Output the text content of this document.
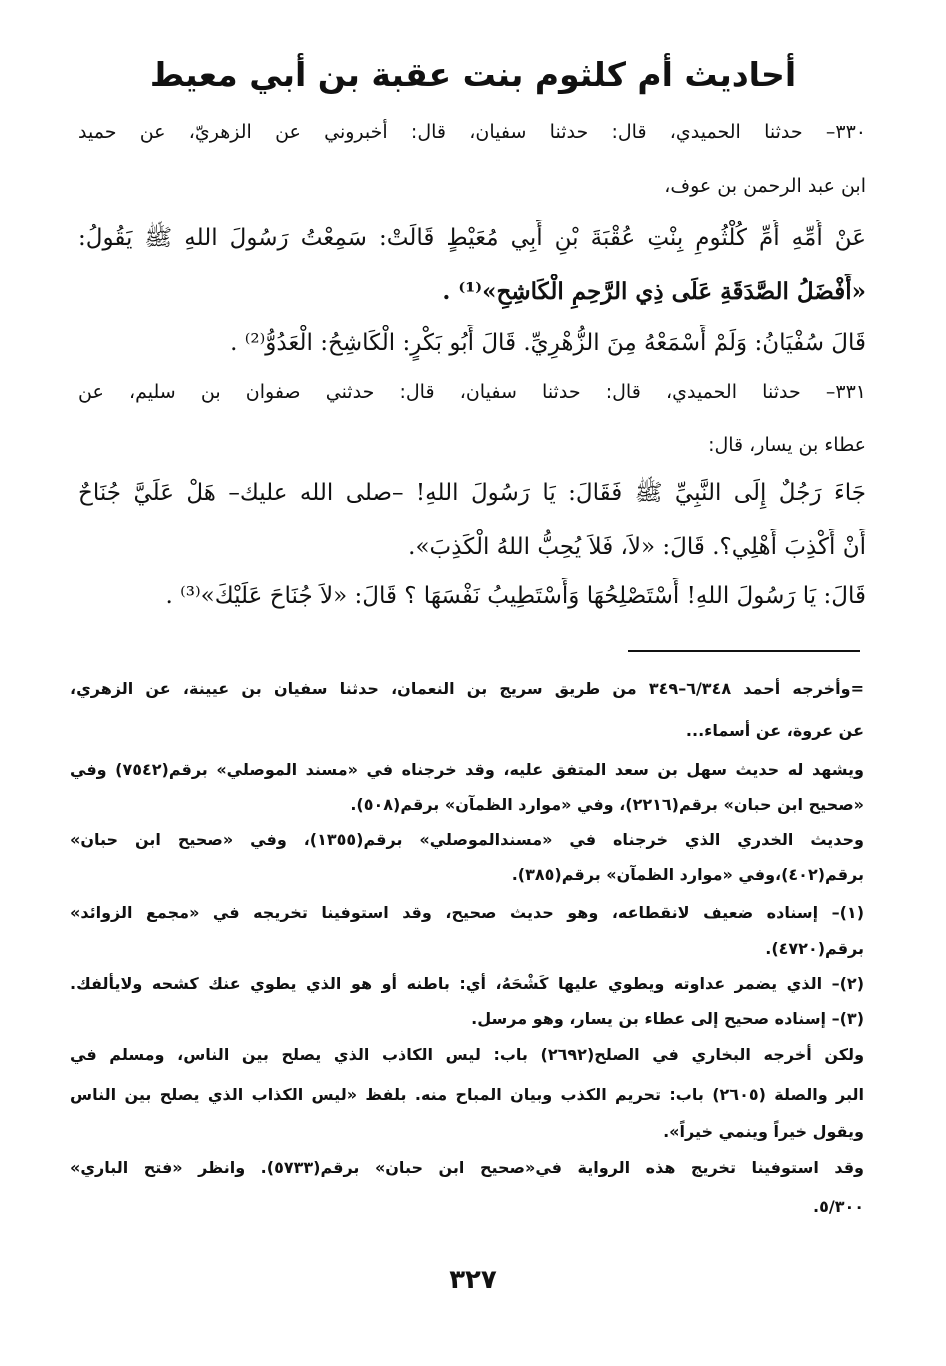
أحاديث أم كلثوم بنت عقبة بن أبي معيط
٣٣٠– حدثنا الحميدي، قال: حدثنا سفيان، قال: أخبروني عن الزهريّ، عن حميد
ابن عبد الرحمن بن عوف،
عَنْ أُمِّهِ أُمِّ كُلْثُومِ بِنْتِ عُقْبَةَ بْنِ أَبِي مُعَيْطٍ قَالَتْ: سَمِعْتُ رَسُولَ اللهِ ﷺ يَقُولُ:
«أَفْضَلُ الصَّدَقَةِ عَلَى ذِي الرَّحِمِ الْكَاشِحِ»⁽¹⁾ .
قَالَ سُفْيَانُ: وَلَمْ أَسْمَعْهُ مِنَ الزُّهْرِيِّ. قَالَ أَبُو بَكْرٍ: الْكَاشِحُ: الْعَدُوُّ⁽²⁾ .
٣٣١– حدثنا الحميدي، قال: حدثنا سفيان، قال: حدثني صفوان بن سليم، عن
عطاء بن يسار، قال:
جَاءَ رَجُلٌ إِلَى النَّبِيِّ ﷺ فَقَالَ: يَا رَسُولَ اللهِ! –صلى الله عليك– هَلْ عَلَيَّ جُنَاحٌ
أَنْ أَكْذِبَ أَهْلِي؟. قَالَ: «لاَ، فَلاَ يُحِبُّ اللهُ الْكَذِبَ».
قَالَ: يَا رَسُولَ اللهِ! أَسْتَصْلِحُهَا وَأَسْتَطِيبُ نَفْسَهَا ؟ قَالَ: «لاَ جُنَاحَ عَلَيْكَ»⁽³⁾ .
=وأخرجه أحمد ٦/٣٤٨–٣٤٩ من طريق سريج بن النعمان، حدثنا سفيان بن عيينة، عن الزهري،
عن عروة، عن أسماء...
ويشهد له حديث سهل بن سعد المتفق عليه، وقد خرجناه في «مسند الموصلي» برقم(٧٥٤٢) وفي
«صحيح ابن حبان» برقم(٢٢١٦)، وفي «موارد الظمآن» برقم(٥٠٨).
وحديث الخدري الذي خرجناه في «مسندالموصلي» برقم(١٣٥٥)، وفي «صحيح ابن حبان»
برقم(٤٠٢)،وفي «موارد الظمآن» برقم(٣٨٥).
(١)– إسناده ضعيف لانقطاعه، وهو حديث صحيح، وقد استوفينا تخريجه في «مجمع الزوائد»
برقم(٤٧٢٠).
(٢)– الذي يضمر عداوته ويطوي عليها كَشْحَهُ، أي: باطنه أو هو الذي يطوي عنك كشحه ولايألفك.
(٣)– إسناده صحيح إلى عطاء بن يسار، وهو مرسل.
ولكن أخرجه البخاري في الصلح(٢٦٩٢) باب: ليس الكاذب الذي يصلح بين الناس، ومسلم في
البر والصلة (٢٦٠٥) باب: تحريم الكذب وبيان المباح منه. بلفظ «ليس الكذاب الذي يصلح بين الناس
ويقول خيراً وينمي خيراً».
وقد استوفينا تخريج هذه الرواية في«صحيح ابن حبان» برقم(٥٧٣٣). وانظر «فتح الباري»
٥/٣٠٠.
٣٢٧
